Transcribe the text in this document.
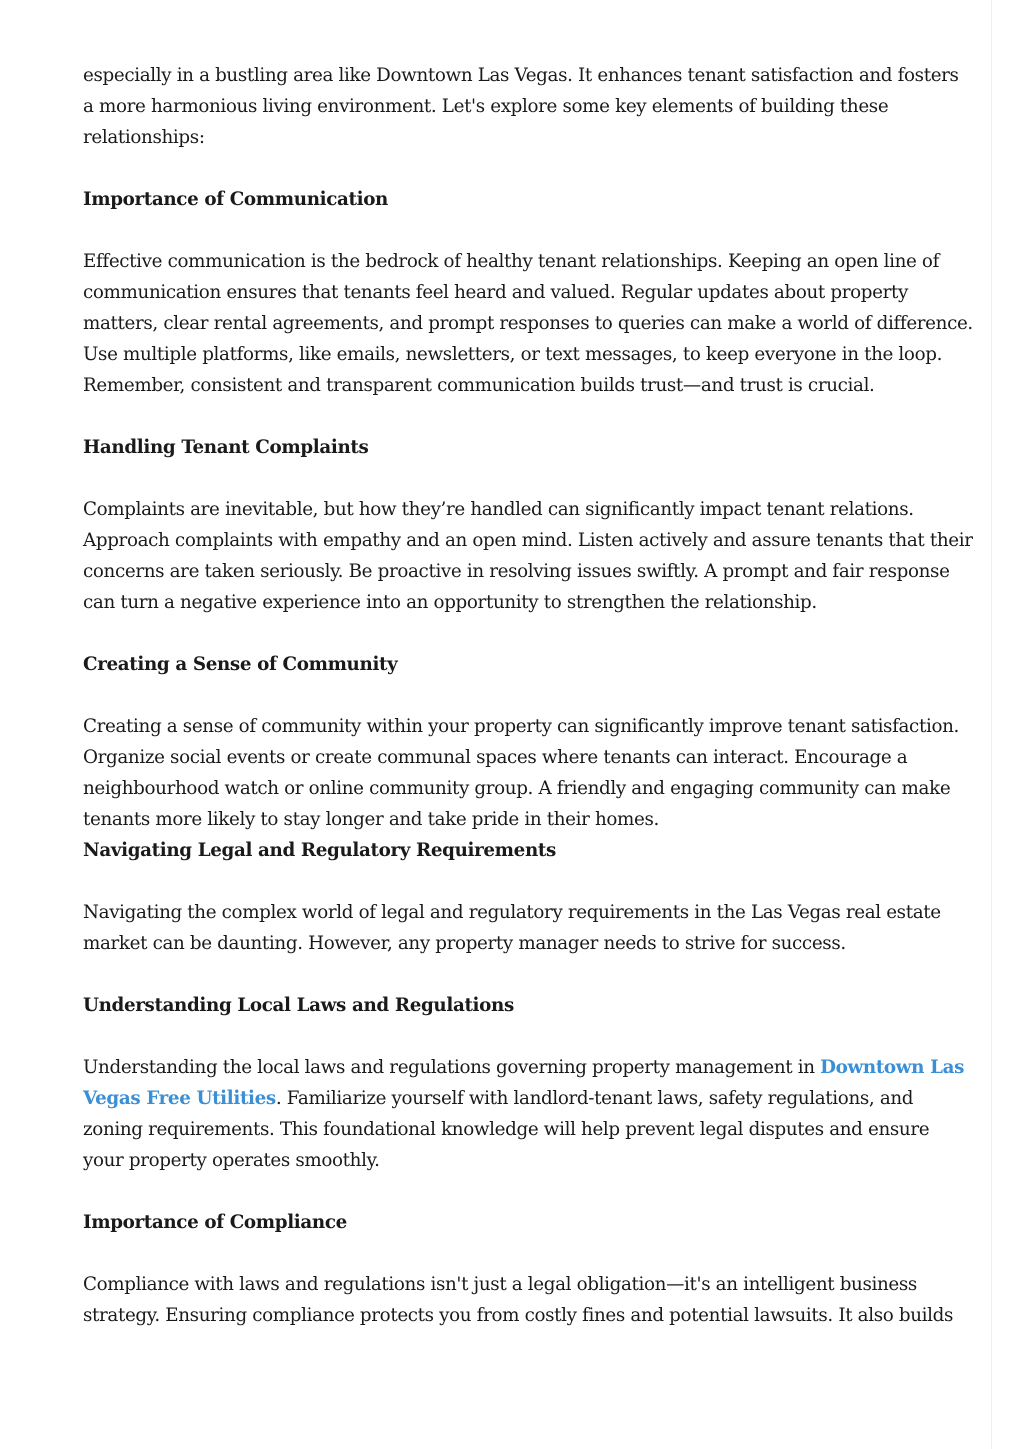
especially in a bustling area like Downtown Las Vegas. It enhances tenant satisfaction and fosters a more harmonious living environment. Let's explore some key elements of building these relationships:

Importance of Communication

Effective communication is the bedrock of healthy tenant relationships. Keeping an open line of communication ensures that tenants feel heard and valued. Regular updates about property matters, clear rental agreements, and prompt responses to queries can make a world of difference. Use multiple platforms, like emails, newsletters, or text messages, to keep everyone in the loop. Remember, consistent and transparent communication builds trust—and trust is crucial.

Handling Tenant Complaints

Complaints are inevitable, but how they’re handled can significantly impact tenant relations. Approach complaints with empathy and an open mind. Listen actively and assure tenants that their concerns are taken seriously. Be proactive in resolving issues swiftly. A prompt and fair response can turn a negative experience into an opportunity to strengthen the relationship.

Creating a Sense of Community

Creating a sense of community within your property can significantly improve tenant satisfaction. Organize social events or create communal spaces where tenants can interact. Encourage a neighbourhood watch or online community group. A friendly and engaging community can make tenants more likely to stay longer and take pride in their homes.

Navigating Legal and Regulatory Requirements

Navigating the complex world of legal and regulatory requirements in the Las Vegas real estate market can be daunting. However, any property manager needs to strive for success.

Understanding Local Laws and Regulations

Understanding the local laws and regulations governing property management in Downtown Las Vegas Free Utilities. Familiarize yourself with landlord-tenant laws, safety regulations, and zoning requirements. This foundational knowledge will help prevent legal disputes and ensure your property operates smoothly.

Importance of Compliance

Compliance with laws and regulations isn't just a legal obligation—it's an intelligent business strategy. Ensuring compliance protects you from costly fines and potential lawsuits. It also builds
